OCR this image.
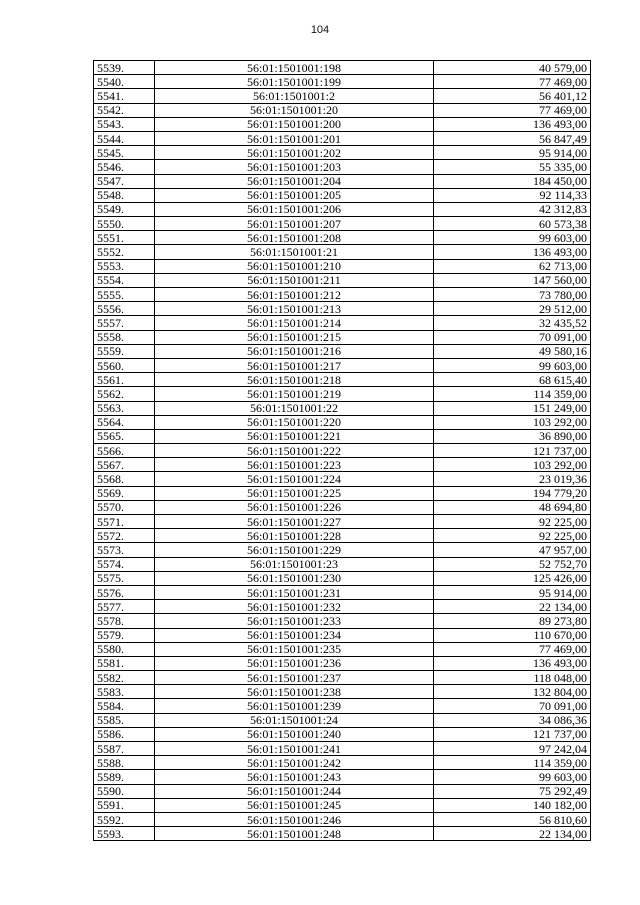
104
5539.	56:01:1501001:198	40 579,00
5540.	56:01:1501001:199	77 469,00
5541.	56:01:1501001:2	56 401,12
5542.	56:01:1501001:20	77 469,00
5543.	56:01:1501001:200	136 493,00
5544.	56:01:1501001:201	56 847,49
5545.	56:01:1501001:202	95 914,00
5546.	56:01:1501001:203	55 335,00
5547.	56:01:1501001:204	184 450,00
5548.	56:01:1501001:205	92 114,33
5549.	56:01:1501001:206	42 312,83
5550.	56:01:1501001:207	60 573,38
5551.	56:01:1501001:208	99 603,00
5552.	56:01:1501001:21	136 493,00
5553.	56:01:1501001:210	62 713,00
5554.	56:01:1501001:211	147 560,00
5555.	56:01:1501001:212	73 780,00
5556.	56:01:1501001:213	29 512,00
5557.	56:01:1501001:214	32 435,52
5558.	56:01:1501001:215	70 091,00
5559.	56:01:1501001:216	49 580,16
5560.	56:01:1501001:217	99 603,00
5561.	56:01:1501001:218	68 615,40
5562.	56:01:1501001:219	114 359,00
5563.	56:01:1501001:22	151 249,00
5564.	56:01:1501001:220	103 292,00
5565.	56:01:1501001:221	36 890,00
5566.	56:01:1501001:222	121 737,00
5567.	56:01:1501001:223	103 292,00
5568.	56:01:1501001:224	23 019,36
5569.	56:01:1501001:225	194 779,20
5570.	56:01:1501001:226	48 694,80
5571.	56:01:1501001:227	92 225,00
5572.	56:01:1501001:228	92 225,00
5573.	56:01:1501001:229	47 957,00
5574.	56:01:1501001:23	52 752,70
5575.	56:01:1501001:230	125 426,00
5576.	56:01:1501001:231	95 914,00
5577.	56:01:1501001:232	22 134,00
5578.	56:01:1501001:233	89 273,80
5579.	56:01:1501001:234	110 670,00
5580.	56:01:1501001:235	77 469,00
5581.	56:01:1501001:236	136 493,00
5582.	56:01:1501001:237	118 048,00
5583.	56:01:1501001:238	132 804,00
5584.	56:01:1501001:239	70 091,00
5585.	56:01:1501001:24	34 086,36
5586.	56:01:1501001:240	121 737,00
5587.	56:01:1501001:241	97 242,04
5588.	56:01:1501001:242	114 359,00
5589.	56:01:1501001:243	99 603,00
5590.	56:01:1501001:244	75 292,49
5591.	56:01:1501001:245	140 182,00
5592.	56:01:1501001:246	56 810,60
5593.	56:01:1501001:248	22 134,00
